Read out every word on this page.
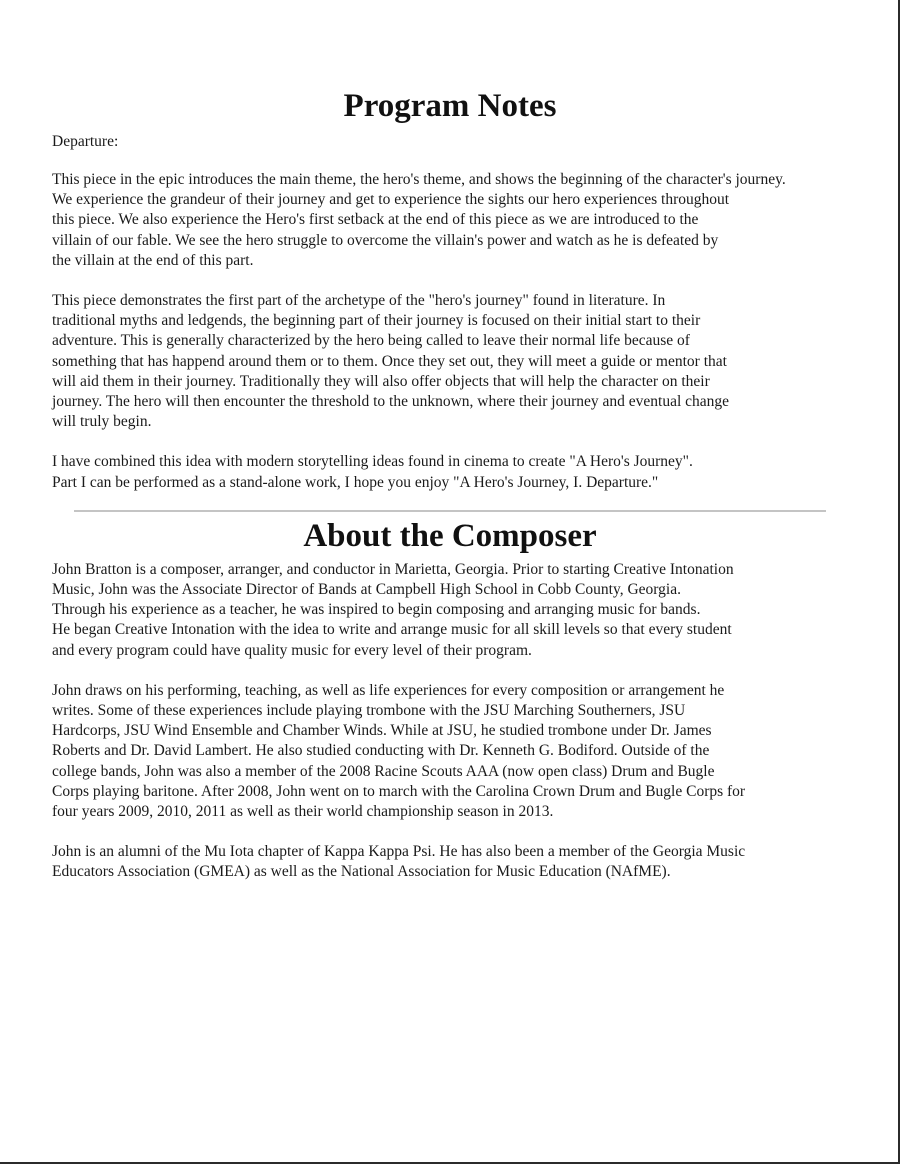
Program Notes
Departure:

This piece in the epic introduces the main theme, the hero's theme, and shows the beginning of the character's journey.
We experience the grandeur of their journey and get to experience the sights our hero experiences throughout
this piece. We also experience the Hero's first setback at the end of this piece as we are introduced to the
villain of our fable. We see the hero struggle to overcome the villain's power and watch as he is defeated by
the villain at the end of this part.

This piece demonstrates the first part of the archetype of the "hero's journey" found in literature. In
traditional myths and ledgends, the beginning part of their journey is focused on their initial start to their
adventure. This is generally characterized by the hero being called to leave their normal life because of
something that has happend around them or to them. Once they set out, they will meet a guide or mentor that
will aid them in their journey. Traditionally they will also offer objects that will help the character on their
journey. The hero will then encounter the threshold to the unknown, where their journey and eventual change
will truly begin.

I have combined this idea with modern storytelling ideas found in cinema to create "A Hero's Journey".
Part I can be performed as a stand-alone work, I hope you enjoy "A Hero's Journey, I. Departure."

About the Composer

John Bratton is a composer, arranger, and conductor in Marietta, Georgia. Prior to starting Creative Intonation
Music, John was the Associate Director of Bands at Campbell High School in Cobb County, Georgia.
Through his experience as a teacher, he was inspired to begin composing and arranging music for bands.
He began Creative Intonation with the idea to write and arrange music for all skill levels so that every student
and every program could have quality music for every level of their program.

John draws on his performing, teaching, as well as life experiences for every composition or arrangement he
writes. Some of these experiences include playing trombone with the JSU Marching Southerners, JSU
Hardcorps, JSU Wind Ensemble and Chamber Winds. While at JSU, he studied trombone under Dr. James
Roberts and Dr. David Lambert. He also studied conducting with Dr. Kenneth G. Bodiford. Outside of the
college bands, John was also a member of the 2008 Racine Scouts AAA (now open class) Drum and Bugle
Corps playing baritone. After 2008, John went on to march with the Carolina Crown Drum and Bugle Corps for
four years 2009, 2010, 2011 as well as their world championship season in 2013.

John is an alumni of the Mu Iota chapter of Kappa Kappa Psi. He has also been a member of the Georgia Music
Educators Association (GMEA) as well as the National Association for Music Education (NAfME).
